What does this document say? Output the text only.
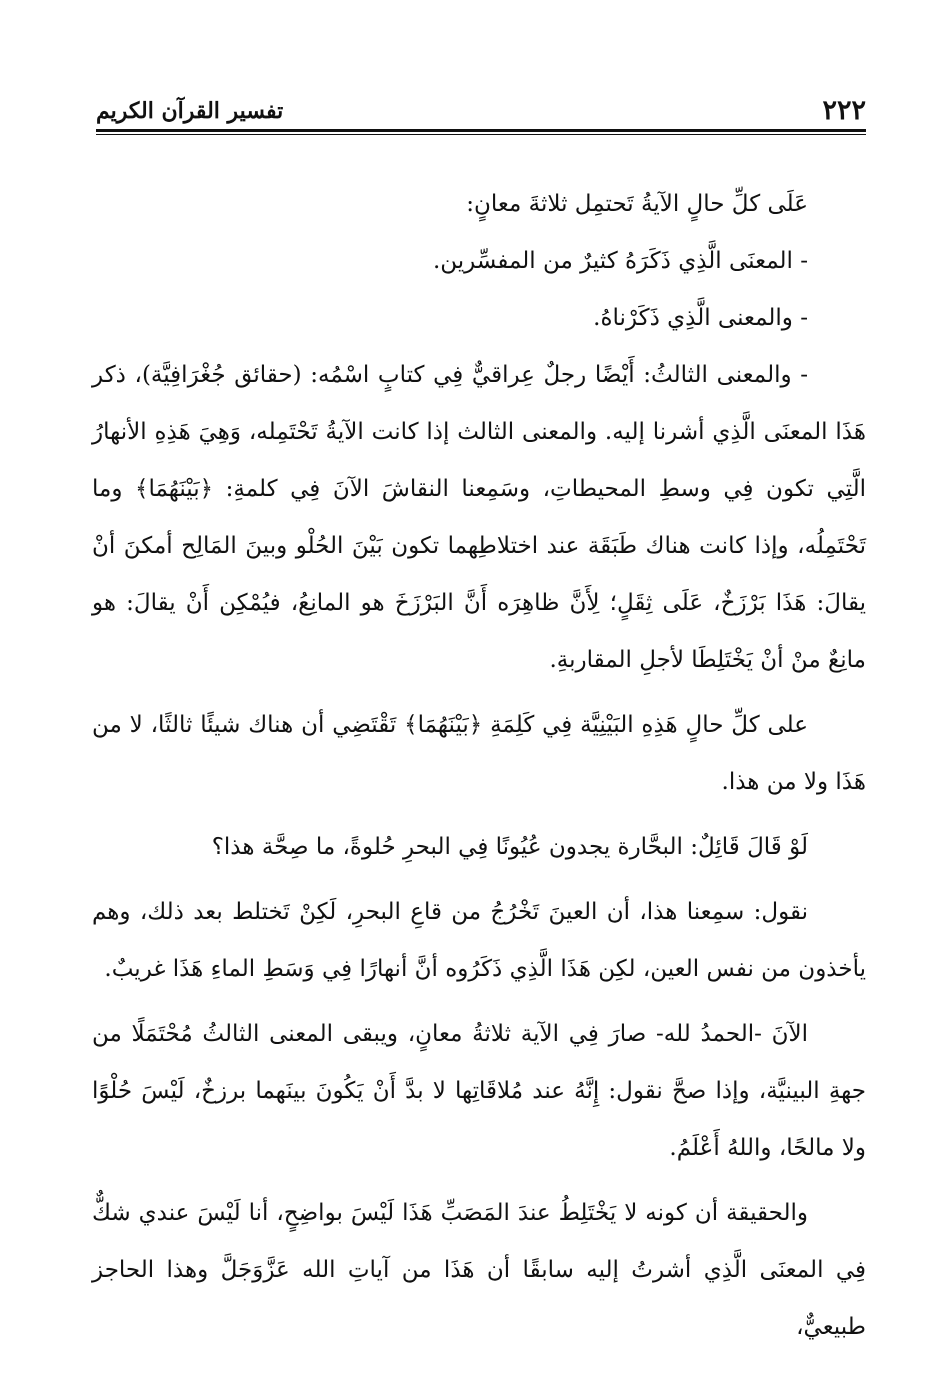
٢٢٢
تفسير القرآن الكريم

عَلَى كلِّ حالٍ الآيةُ تَحتمِل ثلاثةَ معانٍ:

- المعنَى الَّذِي ذَكَرَهُ كثيرٌ من المفسِّرين.

- والمعنى الَّذِي ذَكَرْناهُ.

- والمعنى الثالثُ: أَيْضًا رجلٌ عِراقيٌّ فِي كتابٍ اسْمُه: (حقائق جُغْرَافِيَّة)، ذكر هَذَا المعنَى الَّذِي أشرنا إليه. والمعنى الثالث إذا كانت الآيةُ تَحْتَمِله، وَهِيَ هَذِهِ الأنهارُ الَّتِي تكون فِي وسطِ المحيطاتِ، وسَمِعنا النقاشَ الآنَ فِي كلمةِ: ﴿بَيْنَهُمَا﴾ وما تَحْتَمِلُه، وإذا كانت هناك طَبَقَة عند اختلاطِهما تكون بَيْنَ الحُلْو وبينَ المَالِح أمكنَ أنْ يقالَ: هَذَا بَرْزَخٌ، عَلَى ثِقَلٍ؛ لِأَنَّ ظاهِرَه أَنَّ البَرْزَخَ هو المانِعُ، فيُمْكِن أَنْ يقالَ: هو مانِعٌ منْ أنْ يَخْتَلِطَا لأجلِ المقاربةِ.

على كلِّ حالٍ هَذِهِ البَيْنِيَّة فِي كَلِمَةِ ﴿بَيْنَهُمَا﴾ تَقْتَضِي أن هناك شيئًا ثالثًا، لا من هَذَا ولا من هذا.

لَوْ قَالَ قَائِلٌ: البحَّارة يجدون عُيُونًا فِي البحرِ حُلوةً، ما صِحَّة هذا؟

نقول: سمِعنا هذا، أن العينَ تَخْرُجُ من قاعِ البحرِ، لَكِنْ تَختلط بعد ذلك، وهم يأخذون من نفس العين، لكِن هَذَا الَّذِي ذَكَرُوه أنَّ أنهارًا فِي وَسَطِ الماءِ هَذَا غريبٌ.

الآنَ -الحمدُ لله- صارَ فِي الآية ثلاثةُ معانٍ، ويبقى المعنى الثالثُ مُحْتَمَلًا من جهةِ البينيَّة، وإذا صحَّ نقول: إِنَّهُ عند مُلاقَاتِها لا بدَّ أَنْ يَكُونَ بينَهما برزخٌ، لَيْسَ حُلْوًا ولا مالحًا، واللهُ أَعْلَمُ.

والحقيقة أن كونه لا يَخْتَلِطُ عندَ المَصَبِّ هَذَا لَيْسَ بواضِحٍ، أنا لَيْسَ عندي شكٌّ فِي المعنَى الَّذِي أشرتُ إليه سابقًا أن هَذَا من آياتِ الله عَزَّوَجَلَّ وهذا الحاجز طبيعيٌّ،
